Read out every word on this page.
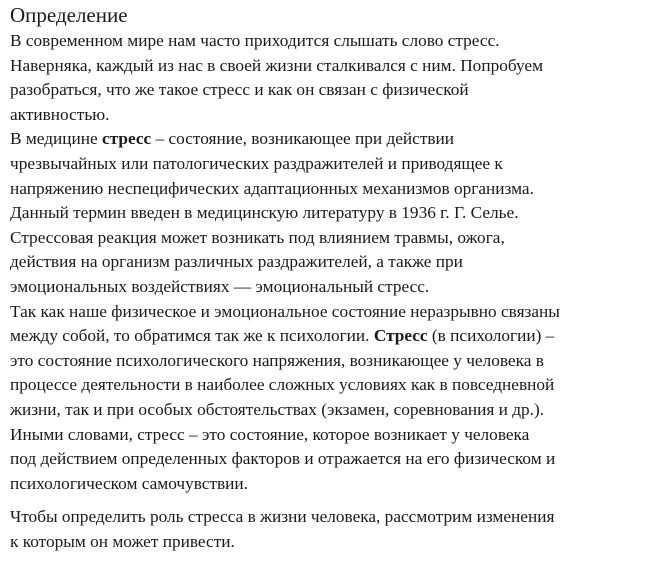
Определение
В современном мире нам часто приходится слышать слово стресс.
Наверняка, каждый из нас в своей жизни сталкивался с ним. Попробуем
разобраться, что же такое стресс и как он связан с физической
активностью.
В медицине стресс – состояние, возникающее при действии
чрезвычайных или патологических раздражителей и приводящее к
напряжению неспецифических адаптационных механизмов организма.
Данный термин введен в медицинскую литературу в 1936 г. Г. Селье.
Стрессовая реакция может возникать под влиянием травмы, ожога,
действия на организм различных раздражителей, а также при
эмоциональных воздействиях — эмоциональный стресс.
Так как наше физическое и эмоциональное состояние неразрывно связаны
между собой, то обратимся так же к психологии. Стресс (в психологии) –
это состояние психологического напряжения, возникающее у человека в
процессе деятельности в наиболее сложных условиях как в повседневной
жизни, так и при особых обстоятельствах (экзамен, соревнования и др.).
Иными словами, стресс – это состояние, которое возникает у человека
под действием определенных факторов и отражается на его физическом и
психологическом самочувствии.
Чтобы определить роль стресса в жизни человека, рассмотрим изменения
к которым он может привести.
